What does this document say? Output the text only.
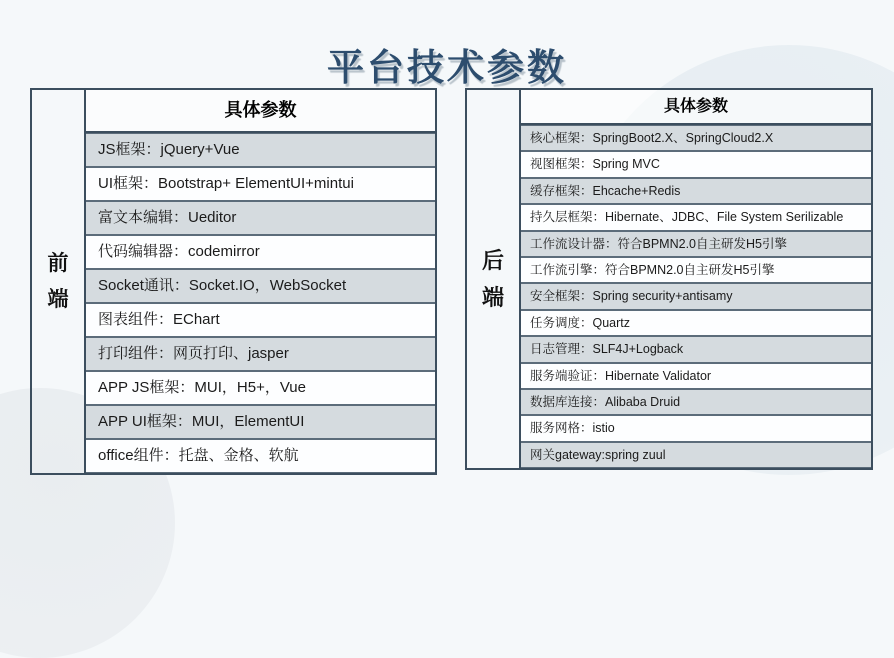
平台技术参数
前端
具体参数
JS框架：jQuery+Vue
UI框架：Bootstrap+ ElementUI+mintui
富文本编辑：Ueditor
代码编辑器：codemirror
Socket通讯：Socket.IO，WebSocket
图表组件：EChart
打印组件：网页打印、jasper
APP JS框架：MUI，H5+，Vue
APP UI框架：MUI，ElementUI
office组件：托盘、金格、软航
后端
具体参数
核心框架：SpringBoot2.X、SpringCloud2.X
视图框架：Spring MVC
缓存框架：Ehcache+Redis
持久层框架：Hibernate、JDBC、File System Serilizable
工作流设计器：符合BPMN2.0自主研发H5引擎
工作流引擎：符合BPMN2.0自主研发H5引擎
安全框架：Spring security+antisamy
任务调度：Quartz
日志管理：SLF4J+Logback
服务端验证：Hibernate Validator
数据库连接：Alibaba Druid
服务网格：istio
网关gateway:spring zuul
